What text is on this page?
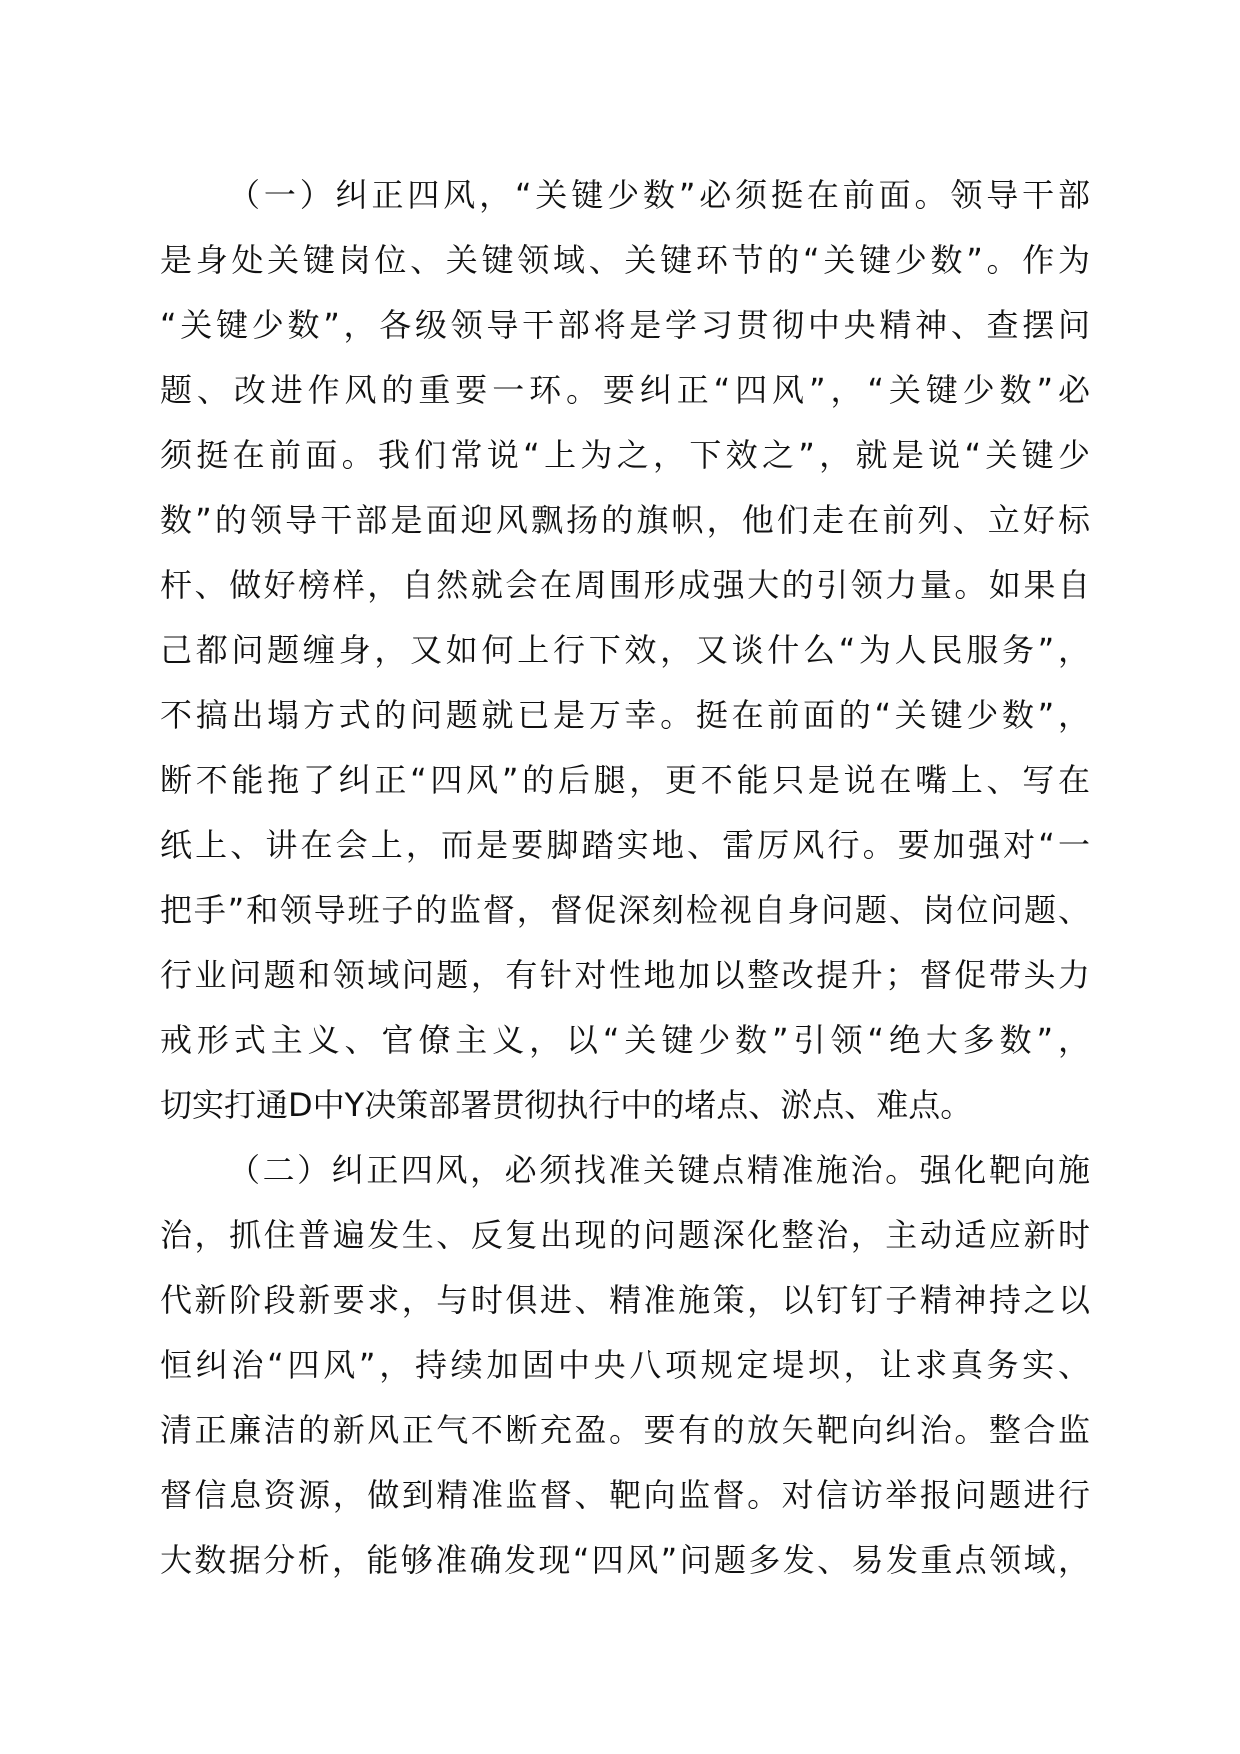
（一）纠正四风，“关键少数”必须挺在前面。领导干部
是身处关键岗位、关键领域、关键环节的“关键少数”。作为
“关键少数”，各级领导干部将是学习贯彻中央精神、查摆问
题、改进作风的重要一环。要纠正“四风”，“关键少数”必
须挺在前面。我们常说“上为之，下效之”，就是说“关键少
数”的领导干部是面迎风飘扬的旗帜，他们走在前列、立好标
杆、做好榜样，自然就会在周围形成强大的引领力量。如果自
己都问题缠身，又如何上行下效，又谈什么“为人民服务”，
不搞出塌方式的问题就已是万幸。挺在前面的“关键少数”，
断不能拖了纠正“四风”的后腿，更不能只是说在嘴上、写在
纸上、讲在会上，而是要脚踏实地、雷厉风行。要加强对“一
把手”和领导班子的监督，督促深刻检视自身问题、岗位问题、
行业问题和领域问题，有针对性地加以整改提升；督促带头力
戒形式主义、官僚主义，以“关键少数”引领“绝大多数”，
切实打通D中Y决策部署贯彻执行中的堵点、淤点、难点。
（二）纠正四风，必须找准关键点精准施治。强化靶向施
治，抓住普遍发生、反复出现的问题深化整治，主动适应新时
代新阶段新要求，与时俱进、精准施策，以钉钉子精神持之以
恒纠治“四风”，持续加固中央八项规定堤坝，让求真务实、
清正廉洁的新风正气不断充盈。要有的放矢靶向纠治。整合监
督信息资源，做到精准监督、靶向监督。对信访举报问题进行
大数据分析，能够准确发现“四风”问题多发、易发重点领域，
